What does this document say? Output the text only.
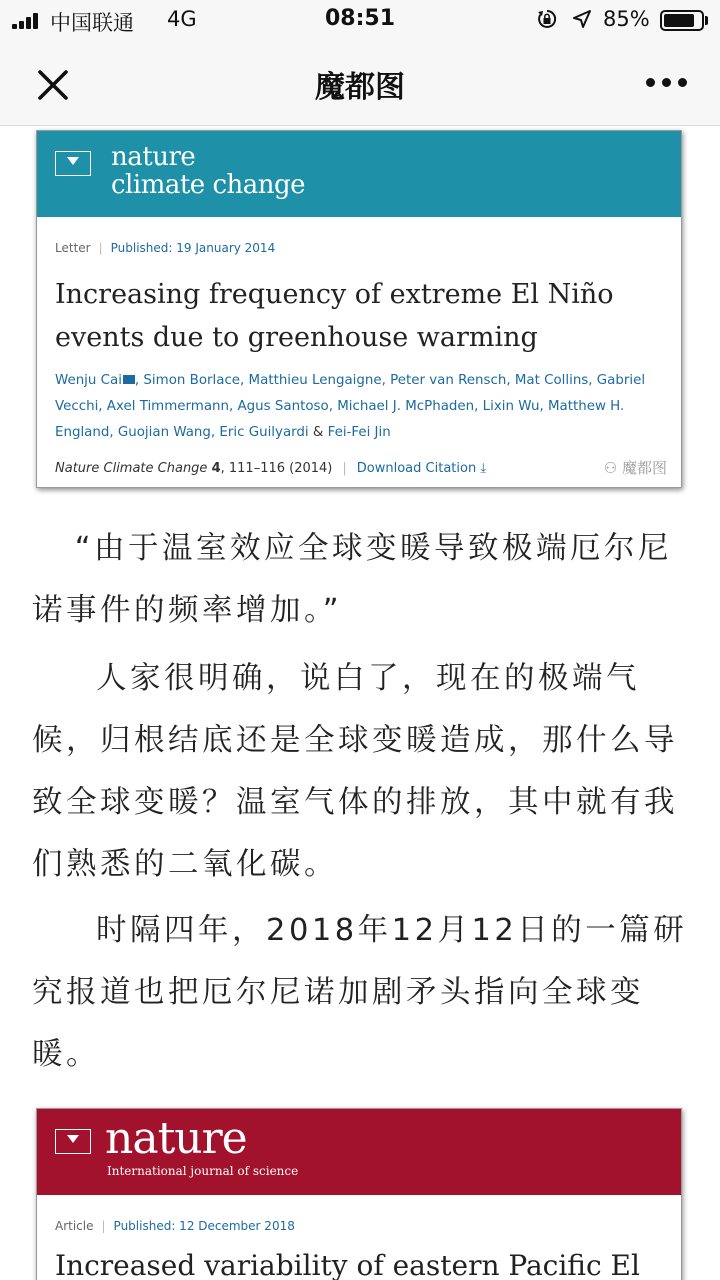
中国联通 4G	08:51	85%
魔都图
nature
climate change
Letter | Published: 19 January 2014
Increasing frequency of extreme El Niño events due to greenhouse warming
Wenju Cai , Simon Borlace, Matthieu Lengaigne, Peter van Rensch, Mat Collins, Gabriel Vecchi, Axel Timmermann, Agus Santoso, Michael J. McPhaden, Lixin Wu, Matthew H. England, Guojian Wang, Eric Guilyardi & Fei-Fei Jin
Nature Climate Change 4, 111–116 (2014) | Download Citation ⤓	⚇ 魔都图

“由于温室效应全球变暖导致极端厄尔尼诺事件的频率增加。”

人家很明确，说白了，现在的极端气候，归根结底还是全球变暖造成，那什么导致全球变暖？温室气体的排放，其中就有我们熟悉的二氧化碳。

时隔四年，2018年12月12日的一篇研究报道也把厄尔尼诺加剧矛头指向全球变暖。

nature
International journal of science
Article | Published: 12 December 2018
Increased variability of eastern Pacific El
